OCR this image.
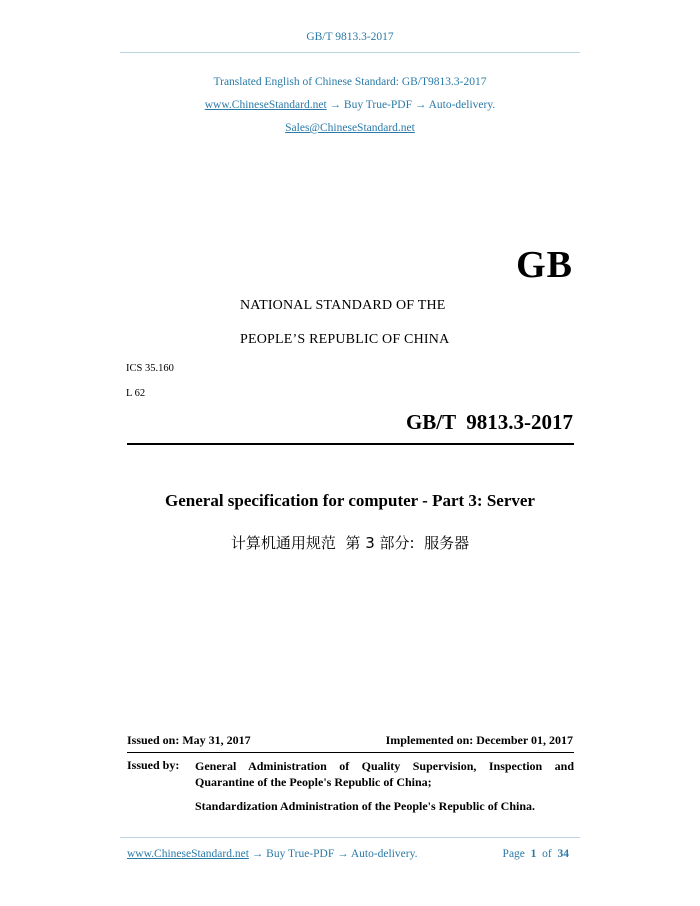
GB/T 9813.3-2017
Translated English of Chinese Standard: GB/T9813.3-2017
www.ChineseStandard.net → Buy True-PDF → Auto-delivery.
Sales@ChineseStandard.net
GB
NATIONAL STANDARD OF THE
PEOPLE’S REPUBLIC OF CHINA
ICS 35.160
L 62
GB/T  9813.3-2017
General specification for computer - Part 3: Server
计算机通用规范  第 3 部分:  服务器
Issued on: May 31, 2017	Implemented on: December 01, 2017
Issued by: General Administration of Quality Supervision, Inspection and
Quarantine of the People's Republic of China;
Standardization Administration of the People's Republic of China.
www.ChineseStandard.net → Buy True-PDF → Auto-delivery.	Page 1 of 34
